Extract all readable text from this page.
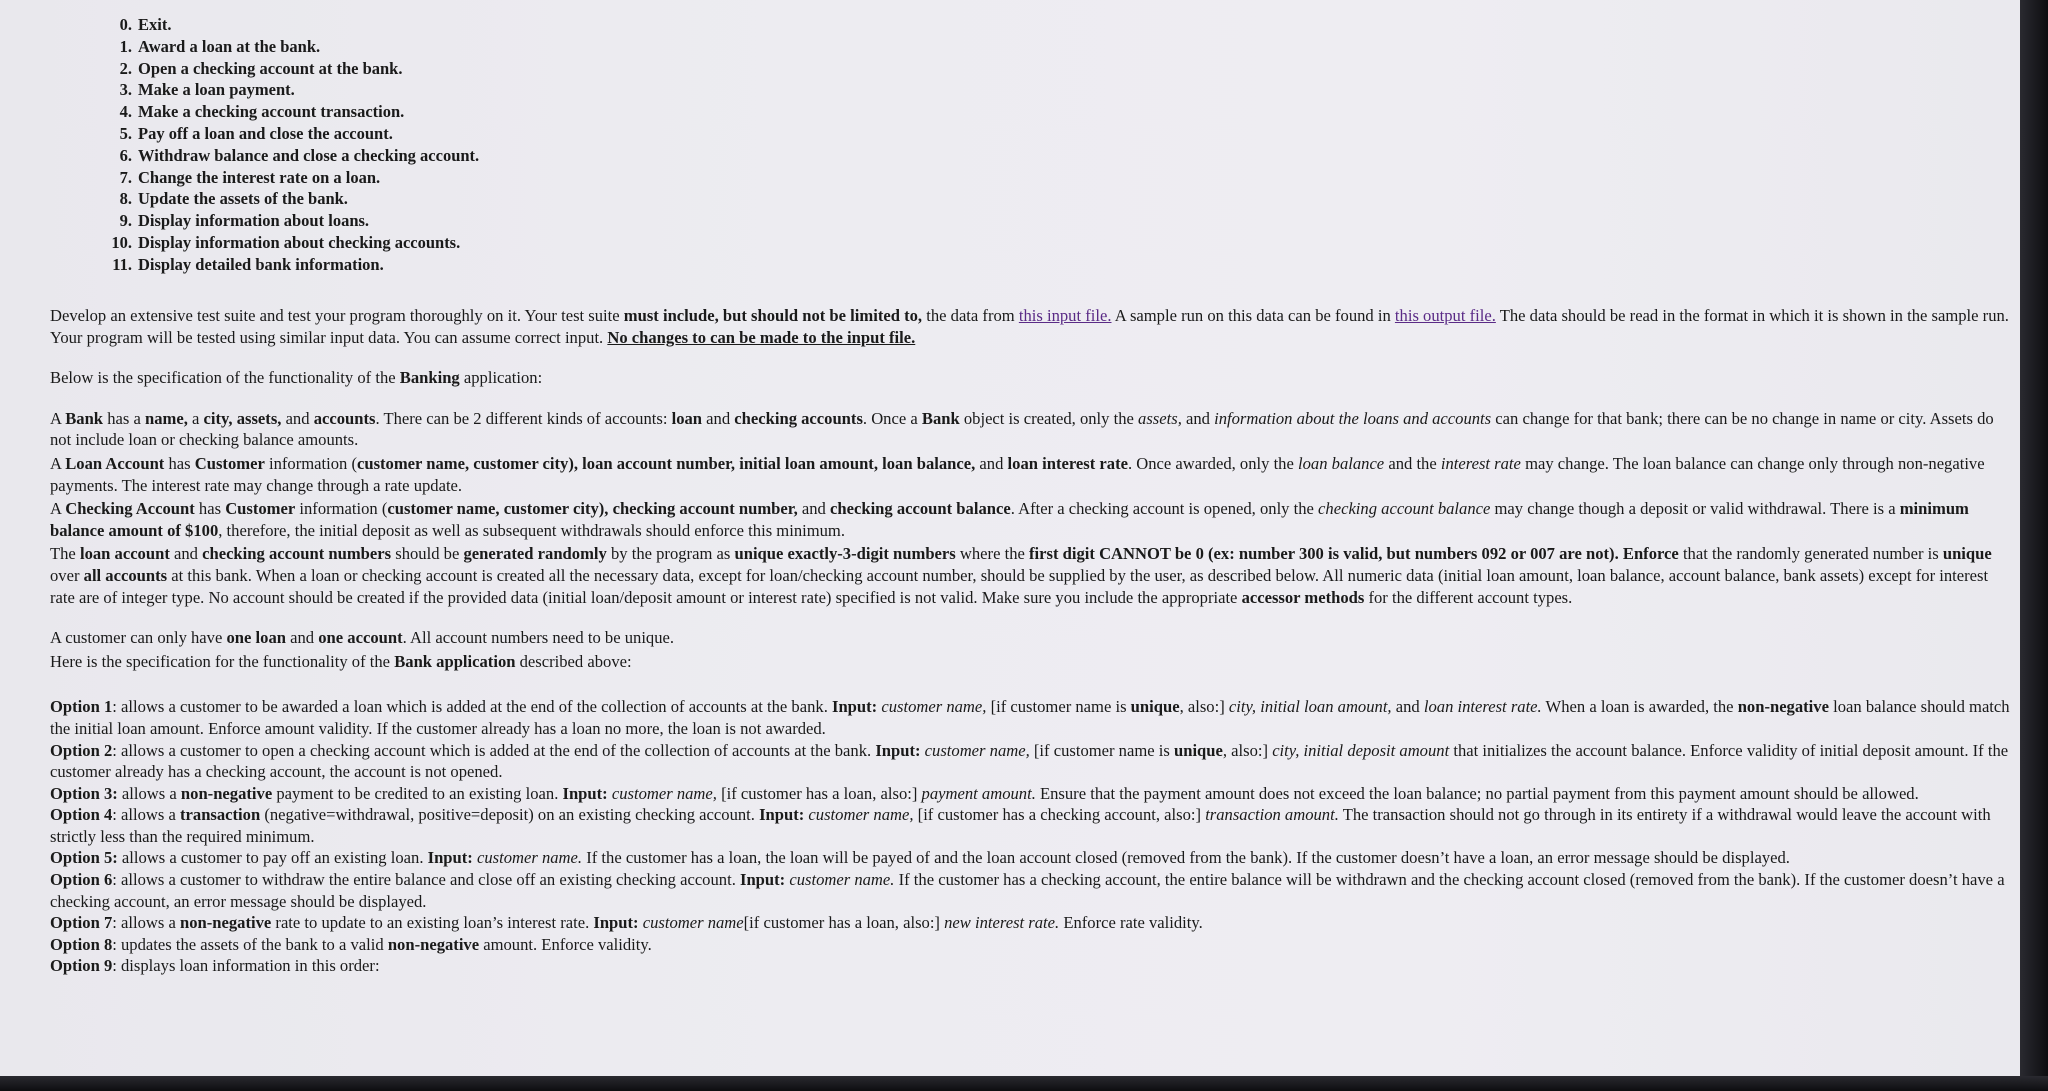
0. Exit.
1. Award a loan at the bank.
2. Open a checking account at the bank.
3. Make a loan payment.
4. Make a checking account transaction.
5. Pay off a loan and close the account.
6. Withdraw balance and close a checking account.
7. Change the interest rate on a loan.
8. Update the assets of the bank.
9. Display information about loans.
10. Display information about checking accounts.
11. Display detailed bank information.

Develop an extensive test suite and test your program thoroughly on it. Your test suite must include, but should not be limited to, the data from this input file. A sample run on this data can be found in this output file. The data should be read in the format in which it is shown in the sample run. Your program will be tested using similar input data. You can assume correct input. No changes to can be made to the input file.

Below is the specification of the functionality of the Banking application:

A Bank has a name, a city, assets, and accounts. There can be 2 different kinds of accounts: loan and checking accounts. Once a Bank object is created, only the assets, and information about the loans and accounts can change for that bank; there can be no change in name or city. Assets do not include loan or checking balance amounts.

A Loan Account has Customer information (customer name, customer city), loan account number, initial loan amount, loan balance, and loan interest rate. Once awarded, only the loan balance and the interest rate may change. The loan balance can change only through non-negative payments. The interest rate may change through a rate update.

A Checking Account has Customer information (customer name, customer city), checking account number, and checking account balance. After a checking account is opened, only the checking account balance may change though a deposit or valid withdrawal. There is a minimum balance amount of $100, therefore, the initial deposit as well as subsequent withdrawals should enforce this minimum.

The loan account and checking account numbers should be generated randomly by the program as unique exactly-3-digit numbers where the first digit CANNOT be 0 (ex: number 300 is valid, but numbers 092 or 007 are not). Enforce that the randomly generated number is unique over all accounts at this bank. When a loan or checking account is created all the necessary data, except for loan/checking account number, should be supplied by the user, as described below. All numeric data (initial loan amount, loan balance, account balance, bank assets) except for interest rate are of integer type. No account should be created if the provided data (initial loan/deposit amount or interest rate) specified is not valid. Make sure you include the appropriate accessor methods for the different account types.

A customer can only have one loan and one account. All account numbers need to be unique.

Here is the specification for the functionality of the Bank application described above:

Option 1: allows a customer to be awarded a loan which is added at the end of the collection of accounts at the bank. Input: customer name, [if customer name is unique, also:] city, initial loan amount, and loan interest rate. When a loan is awarded, the non-negative loan balance should match the initial loan amount. Enforce amount validity. If the customer already has a loan no more, the loan is not awarded.

Option 2: allows a customer to open a checking account which is added at the end of the collection of accounts at the bank. Input: customer name, [if customer name is unique, also:] city, initial deposit amount that initializes the account balance. Enforce validity of initial deposit amount. If the customer already has a checking account, the account is not opened.

Option 3: allows a non-negative payment to be credited to an existing loan. Input: customer name, [if customer has a loan, also:] payment amount. Ensure that the payment amount does not exceed the loan balance; no partial payment from this payment amount should be allowed.

Option 4: allows a transaction (negative=withdrawal, positive=deposit) on an existing checking account. Input: customer name, [if customer has a checking account, also:] transaction amount. The transaction should not go through in its entirety if a withdrawal would leave the account with strictly less than the required minimum.

Option 5: allows a customer to pay off an existing loan. Input: customer name. If the customer has a loan, the loan will be payed of and the loan account closed (removed from the bank). If the customer doesn’t have a loan, an error message should be displayed.

Option 6: allows a customer to withdraw the entire balance and close off an existing checking account. Input: customer name. If the customer has a checking account, the entire balance will be withdrawn and the checking account closed (removed from the bank). If the customer doesn’t have a checking account, an error message should be displayed.

Option 7: allows a non-negative rate to update to an existing loan’s interest rate. Input: customer name[if customer has a loan, also:] new interest rate. Enforce rate validity.

Option 8: updates the assets of the bank to a valid non-negative amount. Enforce validity.

Option 9: displays loan information in this order:
